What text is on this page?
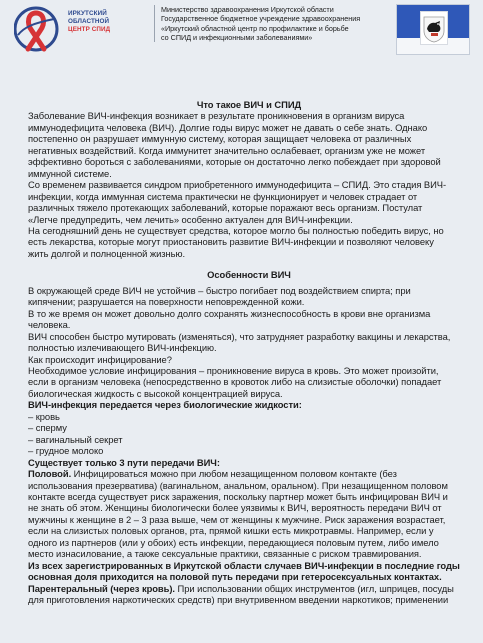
ИРКУТСКИЙ
ОБЛАСТНОЙ
ЦЕНТР СПИД
Министерство здравоохранения Иркутской области
Государственное бюджетное учреждение здравоохранения
«Иркутский областной центр по профилактике и борьбе
со СПИД и инфекционными заболеваниями»

Что такое ВИЧ и СПИД

Заболевание ВИЧ-инфекция возникает в результате проникновения в организм вируса

иммунодефицита человека (ВИЧ). Долгие годы вирус может не давать о себе знать. Однако

постепенно он разрушает иммунную систему, которая защищает человека от различных

негативных воздействий. Когда иммунитет значительно ослабевает, организм уже не может

эффективно бороться с заболеваниями, которые он достаточно легко побеждает при здоровой

иммунной системе.

Со временем развивается синдром приобретенного иммунодефицита – СПИД. Это стадия ВИЧ-

инфекции, когда иммунная система практически не функционирует и человек страдает от

различных тяжело протекающих заболеваний, которые поражают весь организм. Постулат

«Легче предупредить, чем лечить» особенно актуален для ВИЧ-инфекции.

На сегодняшний день не существует средства, которое могло бы полностью победить вирус, но

есть лекарства, которые могут приостановить развитие ВИЧ-инфекции и позволяют человеку

жить долгой и полноценной жизнью.

Особенности ВИЧ

В окружающей среде ВИЧ не устойчив – быстро погибает под воздействием спирта; при

кипячении; разрушается на поверхности неповрежденной кожи.

В то же время он может довольно долго сохранять жизнеспособность в крови вне организма

человека.

ВИЧ способен быстро мутировать (изменяться), что затрудняет разработку вакцины и лекарства,

полностью излечивающего ВИЧ-инфекцию.

Как происходит инфицирование?

Необходимое условие инфицирования – проникновение вируса в кровь. Это может произойти,

если в организм человека (непосредственно в кровоток либо на слизистые оболочки) попадает

биологическая жидкость с высокой концентрацией вируса.

ВИЧ-инфекция передается через биологические жидкости:

– кровь

– сперму

– вагинальный секрет

– грудное молоко

Существует только 3 пути передачи ВИЧ:

Половой. Инфицироваться можно при любом незащищенном половом контакте (без

использования презерватива) (вагинальном, анальном, оральном). При незащищенном половом

контакте всегда существует риск заражения, поскольку партнер может быть инфицирован ВИЧ и

не знать об этом. Женщины биологически более уязвимы к ВИЧ, вероятность передачи ВИЧ от

мужчины к женщине в 2 – 3 раза выше, чем от женщины к мужчине. Риск заражения возрастает,

если на слизистых половых органов, рта, прямой кишки есть микротравмы. Например, если у

одного из партнеров (или у обоих) есть инфекции, передающиеся половым путем, либо имело

место изнасилование, а также сексуальные практики, связанные с риском травмирования.

Из всех зарегистрированных в Иркутской области случаев ВИЧ-инфекции в последние годы

основная доля приходится на половой путь передачи при гетеросексуальных контактах.

Парентеральный (через кровь). При использовании общих инструментов (игл, шприцев, посуды

для приготовления наркотических средств) при внутривенном введении наркотиков; применении
